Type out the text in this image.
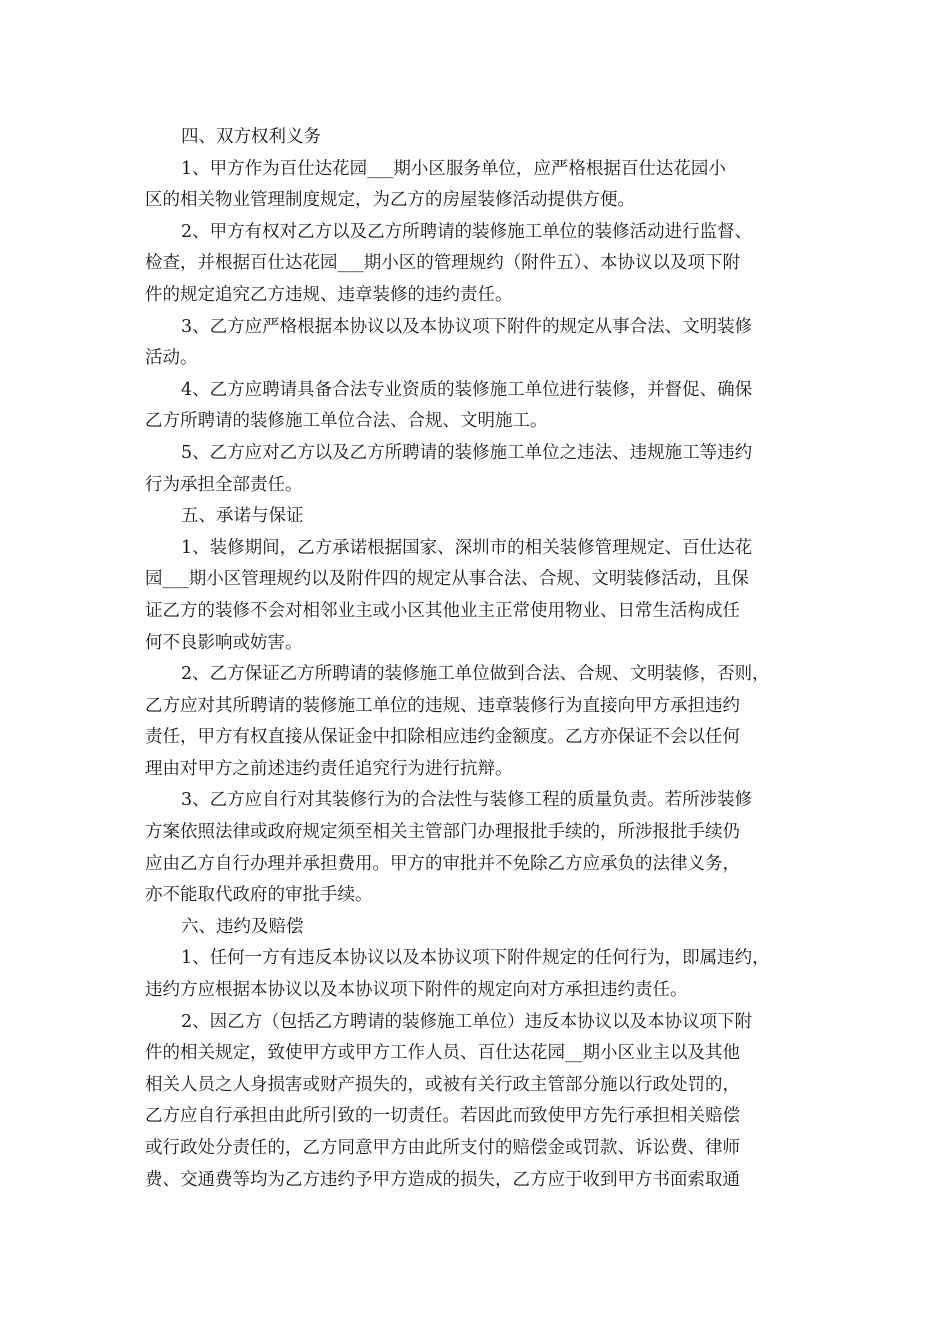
四、双方权利义务
1、甲方作为百仕达花园___期小区服务单位，应严格根据百仕达花园小
区的相关物业管理制度规定，为乙方的房屋装修活动提供方便。
2、甲方有权对乙方以及乙方所聘请的装修施工单位的装修活动进行监督、
检查，并根据百仕达花园___期小区的管理规约（附件五）、本协议以及项下附
件的规定追究乙方违规、违章装修的违约责任。
3、乙方应严格根据本协议以及本协议项下附件的规定从事合法、文明装修
活动。
4、乙方应聘请具备合法专业资质的装修施工单位进行装修，并督促、确保
乙方所聘请的装修施工单位合法、合规、文明施工。
5、乙方应对乙方以及乙方所聘请的装修施工单位之违法、违规施工等违约
行为承担全部责任。
五、承诺与保证
1、装修期间，乙方承诺根据国家、深圳市的相关装修管理规定、百仕达花
园___期小区管理规约以及附件四的规定从事合法、合规、文明装修活动，且保
证乙方的装修不会对相邻业主或小区其他业主正常使用物业、日常生活构成任
何不良影响或妨害。
2、乙方保证乙方所聘请的装修施工单位做到合法、合规、文明装修，否则，
乙方应对其所聘请的装修施工单位的违规、违章装修行为直接向甲方承担违约
责任，甲方有权直接从保证金中扣除相应违约金额度。乙方亦保证不会以任何
理由对甲方之前述违约责任追究行为进行抗辩。
3、乙方应自行对其装修行为的合法性与装修工程的质量负责。若所涉装修
方案依照法律或政府规定须至相关主管部门办理报批手续的，所涉报批手续仍
应由乙方自行办理并承担费用。甲方的审批并不免除乙方应承负的法律义务，
亦不能取代政府的审批手续。
六、违约及赔偿
1、任何一方有违反本协议以及本协议项下附件规定的任何行为，即属违约，
违约方应根据本协议以及本协议项下附件的规定向对方承担违约责任。
2、因乙方（包括乙方聘请的装修施工单位）违反本协议以及本协议项下附
件的相关规定，致使甲方或甲方工作人员、百仕达花园__期小区业主以及其他
相关人员之人身损害或财产损失的，或被有关行政主管部分施以行政处罚的，
乙方应自行承担由此所引致的一切责任。若因此而致使甲方先行承担相关赔偿
或行政处分责任的，乙方同意甲方由此所支付的赔偿金或罚款、诉讼费、律师
费、交通费等均为乙方违约予甲方造成的损失，乙方应于收到甲方书面索取通
